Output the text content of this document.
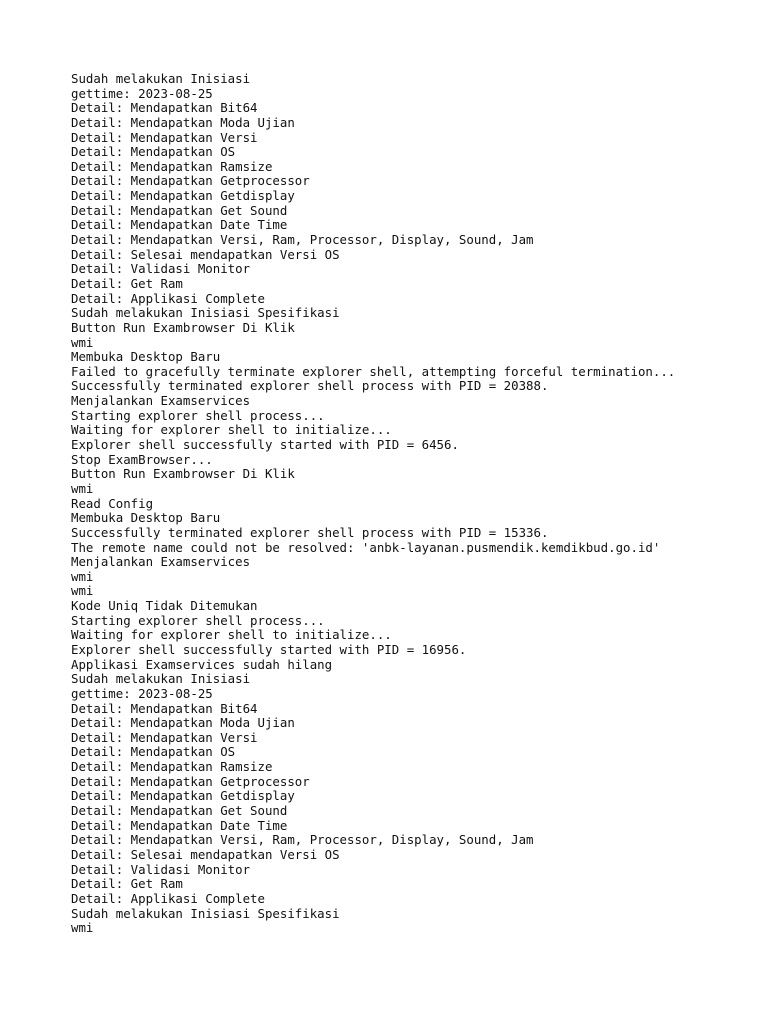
Sudah melakukan Inisiasi
gettime: 2023-08-25
Detail: Mendapatkan Bit64
Detail: Mendapatkan Moda Ujian
Detail: Mendapatkan Versi
Detail: Mendapatkan OS
Detail: Mendapatkan Ramsize
Detail: Mendapatkan Getprocessor
Detail: Mendapatkan Getdisplay
Detail: Mendapatkan Get Sound
Detail: Mendapatkan Date Time
Detail: Mendapatkan Versi, Ram, Processor, Display, Sound, Jam
Detail: Selesai mendapatkan Versi OS
Detail: Validasi Monitor
Detail: Get Ram
Detail: Applikasi Complete
Sudah melakukan Inisiasi Spesifikasi
Button Run Exambrowser Di Klik
wmi
Membuka Desktop Baru
Failed to gracefully terminate explorer shell, attempting forceful termination...
Successfully terminated explorer shell process with PID = 20388.
Menjalankan Examservices
Starting explorer shell process...
Waiting for explorer shell to initialize...
Explorer shell successfully started with PID = 6456.
Stop ExamBrowser...
Button Run Exambrowser Di Klik
wmi
Read Config
Membuka Desktop Baru
Successfully terminated explorer shell process with PID = 15336.
The remote name could not be resolved: 'anbk-layanan.pusmendik.kemdikbud.go.id'
Menjalankan Examservices
wmi
wmi
Kode Uniq Tidak Ditemukan
Starting explorer shell process...
Waiting for explorer shell to initialize...
Explorer shell successfully started with PID = 16956.
Applikasi Examservices sudah hilang
Sudah melakukan Inisiasi
gettime: 2023-08-25
Detail: Mendapatkan Bit64
Detail: Mendapatkan Moda Ujian
Detail: Mendapatkan Versi
Detail: Mendapatkan OS
Detail: Mendapatkan Ramsize
Detail: Mendapatkan Getprocessor
Detail: Mendapatkan Getdisplay
Detail: Mendapatkan Get Sound
Detail: Mendapatkan Date Time
Detail: Mendapatkan Versi, Ram, Processor, Display, Sound, Jam
Detail: Selesai mendapatkan Versi OS
Detail: Validasi Monitor
Detail: Get Ram
Detail: Applikasi Complete
Sudah melakukan Inisiasi Spesifikasi
wmi
